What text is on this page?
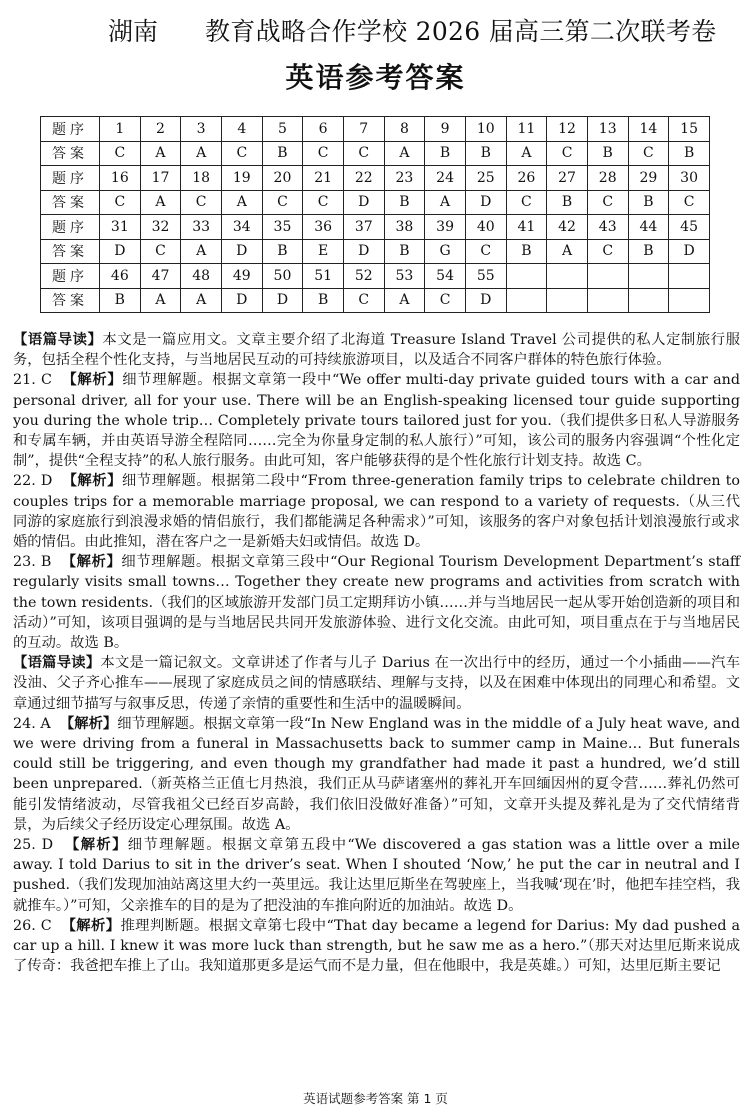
湖南 教育战略合作学校 2026 届高三第二次联考卷
英语参考答案
题序	1	2	3	4	5	6	7	8	9	10	11	12	13	14	15
答案	C	A	A	C	B	C	C	A	B	B	A	C	B	C	B
题序	16	17	18	19	20	21	22	23	24	25	26	27	28	29	30
答案	C	A	C	A	C	C	D	B	A	D	C	B	C	B	C
题序	31	32	33	34	35	36	37	38	39	40	41	42	43	44	45
答案	D	C	A	D	B	E	D	B	G	C	B	A	C	B	D
题序	46	47	48	49	50	51	52	53	54	55					
答案	B	A	A	D	D	B	C	A	C	D					

【语篇导读】本文是一篇应用文。文章主要介绍了北海道 Treasure Island Travel 公司提供的私人定制旅行服务，包括全程个性化支持，与当地居民互动的可持续旅游项目，以及适合不同客户群体的特色旅行体验。

21. C 【解析】细节理解题。根据文章第一段中“We offer multi-day private guided tours with a car and personal driver, all for your use. There will be an English-speaking licensed tour guide supporting you during the whole trip… Completely private tours tailored just for you.（我们提供多日私人导游服务和专属车辆，并由英语导游全程陪同……完全为你量身定制的私人旅行）”可知，该公司的服务内容强调“个性化定制”，提供“全程支持”的私人旅行服务。由此可知，客户能够获得的是个性化旅行计划支持。故选 C。

22. D 【解析】细节理解题。根据第二段中“From three-generation family trips to celebrate children to couples trips for a memorable marriage proposal, we can respond to a variety of requests.（从三代同游的家庭旅行到浪漫求婚的情侣旅行，我们都能满足各种需求）”可知，该服务的客户对象包括计划浪漫旅行或求婚的情侣。由此推知，潜在客户之一是新婚夫妇或情侣。故选 D。

23. B 【解析】细节理解题。根据文章第三段中“Our Regional Tourism Development Department’s staff regularly visits small towns… Together they create new programs and activities from scratch with the town residents.（我们的区域旅游开发部门员工定期拜访小镇……并与当地居民一起从零开始创造新的项目和活动）”可知，该项目强调的是与当地居民共同开发旅游体验、进行文化交流。由此可知，项目重点在于与当地居民的互动。故选 B。

【语篇导读】本文是一篇记叙文。文章讲述了作者与儿子 Darius 在一次出行中的经历，通过一个小插曲——汽车没油、父子齐心推车——展现了家庭成员之间的情感联结、理解与支持，以及在困难中体现出的同理心和希望。文章通过细节描写与叙事反思，传递了亲情的重要性和生活中的温暖瞬间。

24. A 【解析】细节理解题。根据文章第一段“In New England was in the middle of a July heat wave, and we were driving from a funeral in Massachusetts back to summer camp in Maine… But funerals could still be triggering, and even though my grandfather had made it past a hundred, we’d still been unprepared.（新英格兰正值七月热浪，我们正从马萨诸塞州的葬礼开车回缅因州的夏令营……葬礼仍然可能引发情绪波动，尽管我祖父已经百岁高龄，我们依旧没做好准备）”可知，文章开头提及葬礼是为了交代情绪背景，为后续父子经历设定心理氛围。故选 A。

25. D 【解析】细节理解题。根据文章第五段中“We discovered a gas station was a little over a mile away. I told Darius to sit in the driver’s seat. When I shouted ‘Now,’ he put the car in neutral and I pushed.（我们发现加油站离这里大约一英里远。我让达里厄斯坐在驾驶座上，当我喊‘现在’时，他把车挂空档，我就推车。）”可知，父亲推车的目的是为了把没油的车推向附近的加油站。故选 D。

26. C 【解析】推理判断题。根据文章第七段中“That day became a legend for Darius: My dad pushed a car up a hill. I knew it was more luck than strength, but he saw me as a hero.”（那天对达里厄斯来说成了传奇：我爸把车推上了山。我知道那更多是运气而不是力量，但在他眼中，我是英雄。）可知，达里厄斯主要记

英语试题参考答案 第 1 页
